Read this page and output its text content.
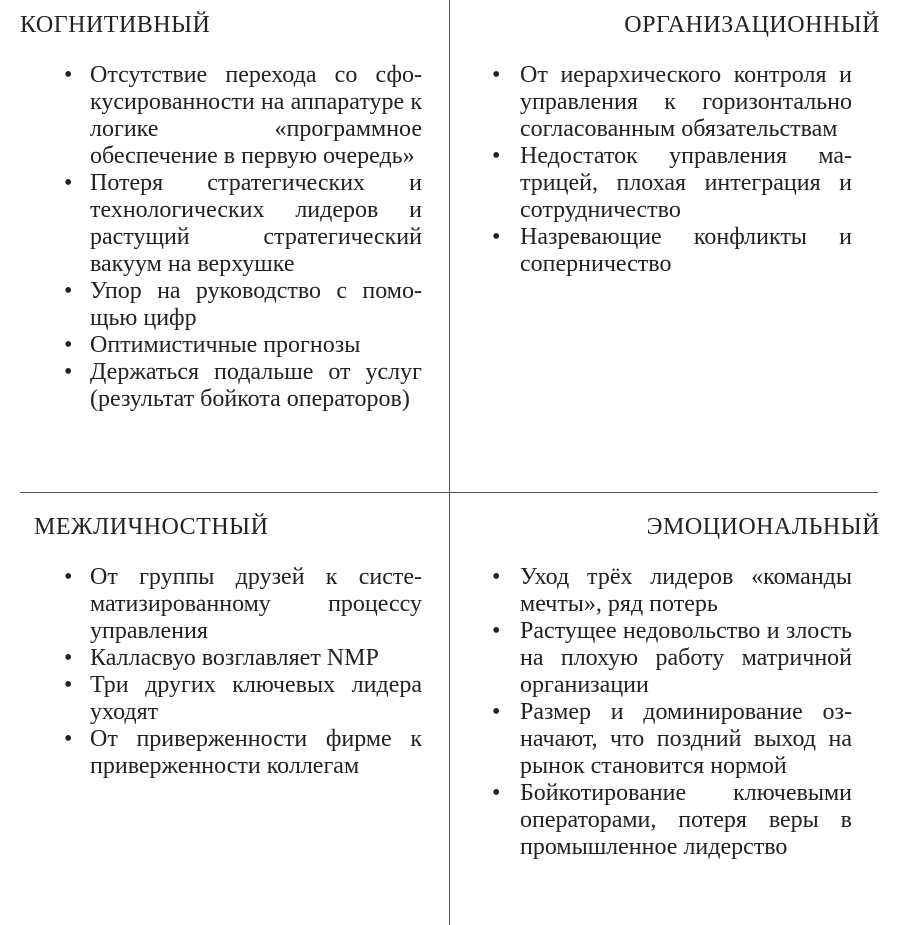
КОГНИТИВНЫЙ
• Отсутствие перехода со сфокусированности на аппаратуре к логике «программное обеспечение в первую очередь»
• Потеря стратегических и технологических лидеров и растущий стратегический вакуум на верхушке
• Упор на руководство с помощью цифр
• Оптимистичные прогнозы
• Держаться подальше от услуг (результат бойкота операторов)
ОРГАНИЗАЦИОННЫЙ
• От иерархического контроля и управления к горизонтально согласованным обязательствам
• Недостаток управления матрицей, плохая интеграция и сотрудничество
• Назревающие конфликты и соперничество
МЕЖЛИЧНОСТНЫЙ
• От группы друзей к систематизированному процессу управления
• Калласвуо возглавляет NMP
• Три других ключевых лидера уходят
• От приверженности фирме к приверженности коллегам
ЭМОЦИОНАЛЬНЫЙ
• Уход трёх лидеров «команды мечты», ряд потерь
• Растущее недовольство и злость на плохую работу матричной организации
• Размер и доминирование означают, что поздний выход на рынок становится нормой
• Бойкотирование ключевыми операторами, потеря веры в промышленное лидерство
